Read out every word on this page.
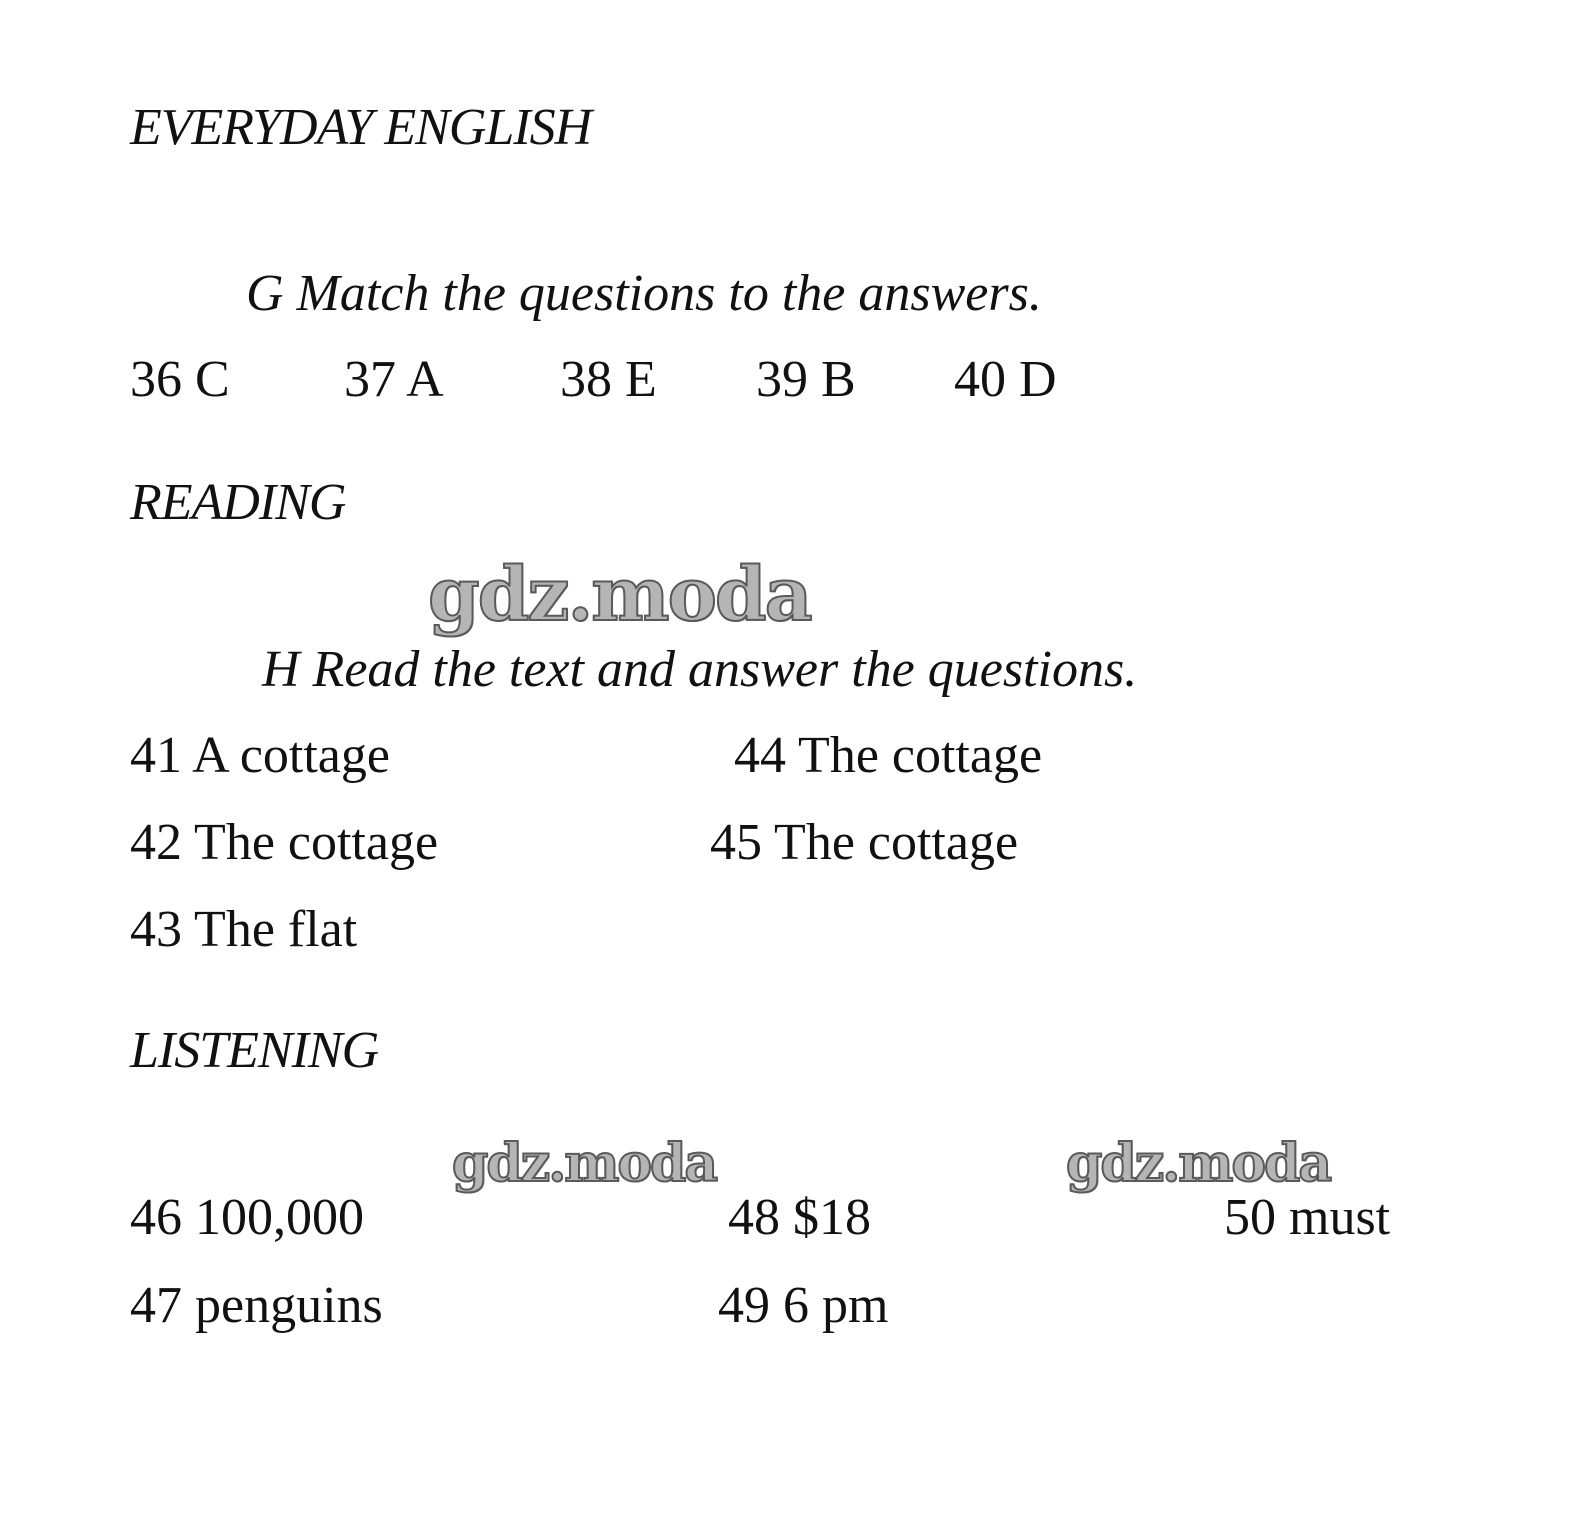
EVERYDAY ENGLISH
G Match the questions to the answers.
36 C 37 A 38 E 39 B 40 D
READING
gdz.moda
H Read the text and answer the questions.
41 A cottage	44 The cottage
42 The cottage	45 The cottage
43 The flat
LISTENING
gdz.moda	gdz.moda
46 100,000	48 $18	50 must
47 penguins	49 6 pm
